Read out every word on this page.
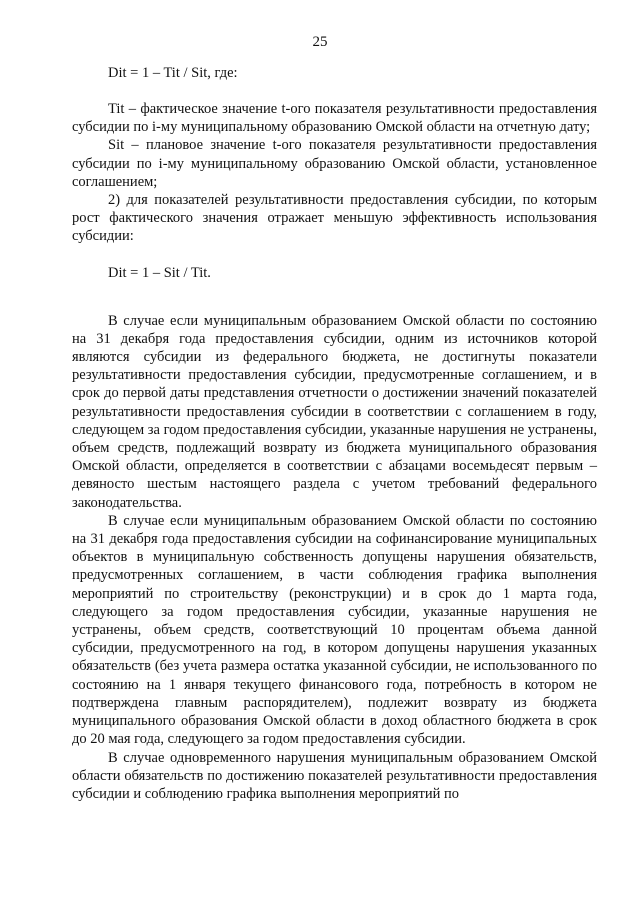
25

Dit = 1 – Tit / Sit, где:

Tit – фактическое значение t-ого показателя результативности предоставления субсидии по i-му муниципальному образованию Омской области на отчетную дату;

Sit – плановое значение t-ого показателя результативности предоставления субсидии по i-му муниципальному образованию Омской области, установленное соглашением;

2) для показателей результативности предоставления субсидии, по которым рост фактического значения отражает меньшую эффективность использования субсидии:

Dit = 1 – Sit / Tit.

В случае если муниципальным образованием Омской области по состоянию на 31 декабря года предоставления субсидии, одним из источников которой являются субсидии из федерального бюджета, не достигнуты показатели результативности предоставления субсидии, предусмотренные соглашением, и в срок до первой даты представления отчетности о достижении значений показателей результативности предоставления субсидии в соответствии с соглашением в году, следующем за годом предоставления субсидии, указанные нарушения не устранены, объем средств, подлежащий возврату из бюджета муниципального образования Омской области, определяется в соответствии с абзацами восемьдесят первым – девяносто шестым настоящего раздела с учетом требований федерального законодательства.

В случае если муниципальным образованием Омской области по состоянию на 31 декабря года предоставления субсидии на софинансирование муниципальных объектов в муниципальную собственность допущены нарушения обязательств, предусмотренных соглашением, в части соблюдения графика выполнения мероприятий по строительству (реконструкции) и в срок до 1 марта года, следующего за годом предоставления субсидии, указанные нарушения не устранены, объем средств, соответствующий 10 процентам объема данной субсидии, предусмотренного на год, в котором допущены нарушения указанных обязательств (без учета размера остатка указанной субсидии, не использованного по состоянию на 1 января текущего финансового года, потребность в котором не подтверждена главным распорядителем), подлежит возврату из бюджета муниципального образования Омской области в доход областного бюджета в срок до 20 мая года, следующего за годом предоставления субсидии.

В случае одновременного нарушения муниципальным образованием Омской области обязательств по достижению показателей результативности предоставления субсидии и соблюдению графика выполнения мероприятий по
